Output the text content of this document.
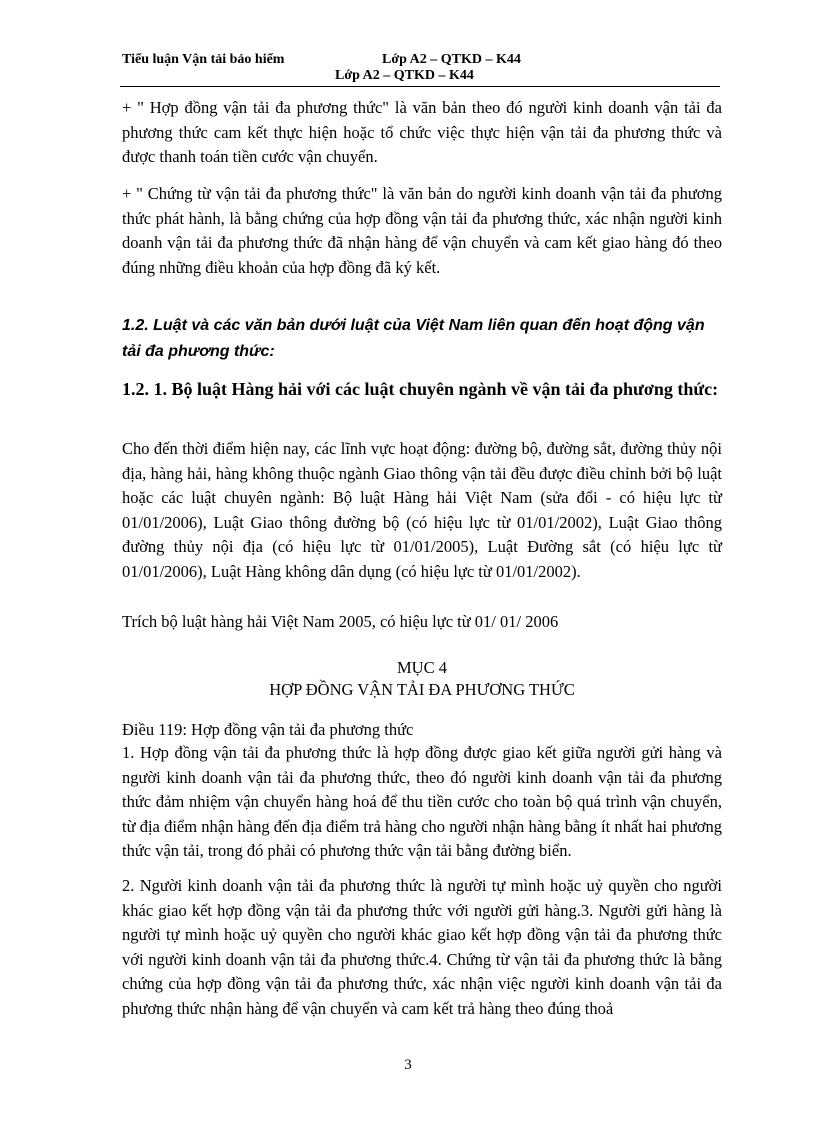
Tiểu luận Vận tải bảo hiểm	Lớp A2 – QTKD – K44
Lớp A2 – QTKD – K44

+ " Hợp đồng vận tải đa phương thức" là văn bản theo đó người kinh doanh vận tải đa phương thức cam kết thực hiện hoặc tổ chức việc thực hiện vận tải đa phương thức và được thanh toán tiền cước vận chuyển.

+ " Chứng từ vận tải đa phương thức" là văn bản do người kinh doanh vận tải đa phương thức phát hành, là bằng chứng của hợp đồng vận tải đa phương thức, xác nhận người kinh doanh vận tải đa phương thức đã nhận hàng để vận chuyển và cam kết giao hàng đó theo đúng những điều khoản của hợp đồng đã ký kết.

1.2. Luật và các văn bản dưới luật của Việt Nam liên quan đến hoạt động vận tải đa phương thức:

1.2. 1. Bộ luật Hàng hải với các luật chuyên ngành về vận tải đa phương thức:

Cho đến thời điểm hiện nay, các lĩnh vực hoạt động: đường bộ, đường sắt, đường thủy nội địa, hàng hải, hàng không thuộc ngành Giao thông vận tải đều được điều chỉnh bởi bộ luật hoặc các luật chuyên ngành: Bộ luật Hàng hải Việt Nam (sửa đổi - có hiệu lực từ 01/01/2006), Luật Giao thông đường bộ (có hiệu lực từ 01/01/2002), Luật Giao thông đường thủy nội địa (có hiệu lực từ 01/01/2005), Luật Đường sắt (có hiệu lực từ 01/01/2006), Luật Hàng không dân dụng (có hiệu lực từ 01/01/2002).

Trích bộ luật hàng hải Việt Nam 2005, có hiệu lực từ 01/ 01/ 2006

MỤC 4

HỢP ĐỒNG VẬN TẢI ĐA PHƯƠNG THỨC

Điều 119: Hợp đồng vận tải đa phương thức

1. Hợp đồng vận tải đa phương thức là hợp đồng được giao kết giữa người gửi hàng và người kinh doanh vận tải đa phương thức, theo đó người kinh doanh vận tải đa phương thức đảm nhiệm vận chuyển hàng hoá để thu tiền cước cho toàn bộ quá trình vận chuyển, từ địa điểm nhận hàng đến địa điểm trả hàng cho người nhận hàng bằng ít nhất hai phương thức vận tải, trong đó phải có phương thức vận tải bằng đường biển.

2. Người kinh doanh vận tải đa phương thức là người tự mình hoặc uỷ quyền cho người khác giao kết hợp đồng vận tải đa phương thức với người gửi hàng.3. Người gửi hàng là người tự mình hoặc uỷ quyền cho người khác giao kết hợp đồng vận tải đa phương thức với người kinh doanh vận tải đa phương thức.4. Chứng từ vận tải đa phương thức là bằng chứng của hợp đồng vận tải đa phương thức, xác nhận việc người kinh doanh vận tải đa phương thức nhận hàng để vận chuyển và cam kết trả hàng theo đúng thoả

3
